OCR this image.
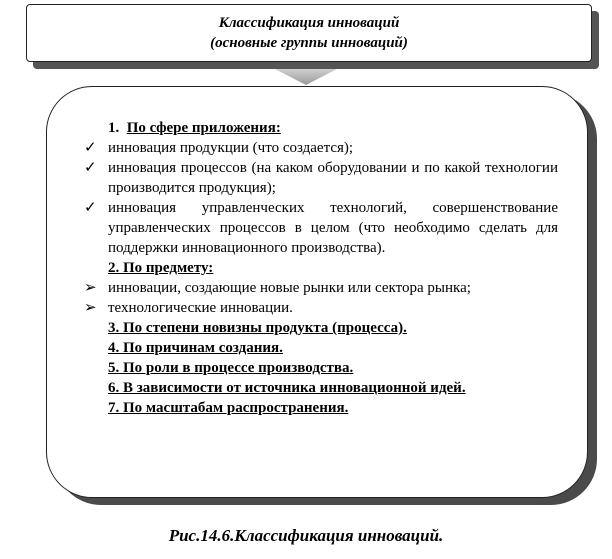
Классификация инноваций
(основные группы инноваций)
1. По сфере приложения:
✓ инновация продукции (что создается);
✓ инновация процессов (на каком оборудовании и по какой технологии производится продукция);
✓ инновация управленческих технологий, совершенствование управленческих процессов в целом (что необходимо сделать для поддержки инновационного производства).
2. По предмету:
➢ инновации, создающие новые рынки или сектора рынка;
➢ технологические инновации.
3. По степени новизны продукта (процесса).
4. По причинам создания.
5. По роли в процессе производства.
6. В зависимости от источника инновационной идей.
7. По масштабам распространения.
Рис.14.6.Классификация инноваций.
